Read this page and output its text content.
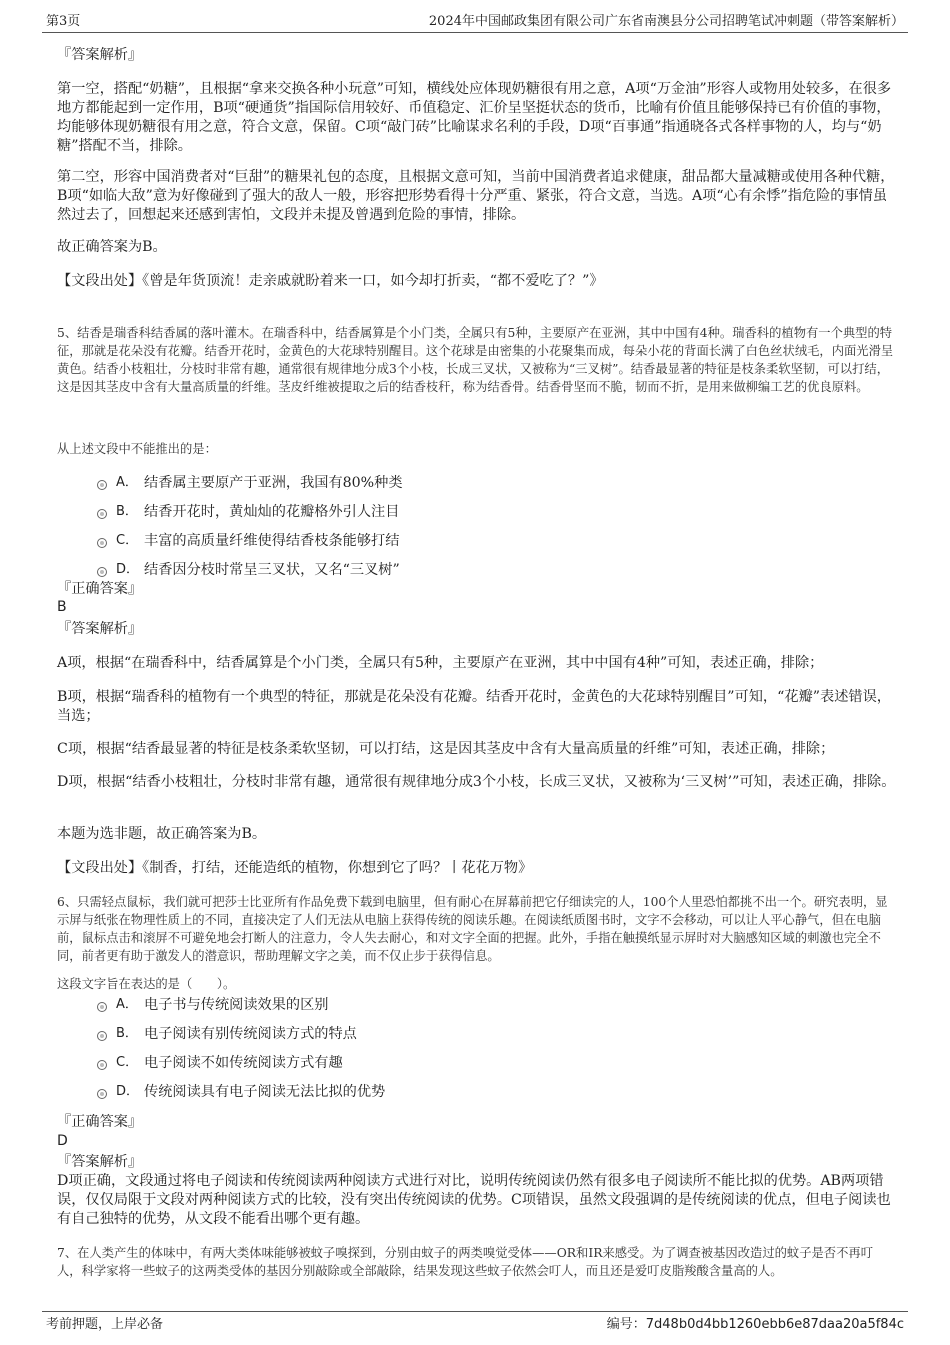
第3页	2024年中国邮政集团有限公司广东省南澳县分公司招聘笔试冲刺题（带答案解析）

『答案解析』

第一空，搭配“奶糖”，且根据“拿来交换各种小玩意”可知，横线处应体现奶糖很有用之意，A项“万金油”形容人或物用处较多，在很多地方都能起到一定作用，B项“硬通货”指国际信用较好、币值稳定、汇价呈坚挺状态的货币，比喻有价值且能够保持已有价值的事物，均能够体现奶糖很有用之意，符合文意，保留。C项“敲门砖”比喻谋求名利的手段，D项“百事通”指通晓各式各样事物的人，均与“奶糖”搭配不当，排除。

第二空，形容中国消费者对“巨甜”的糖果礼包的态度，且根据文意可知，当前中国消费者追求健康，甜品都大量减糖或使用各种代糖，B项“如临大敌”意为好像碰到了强大的敌人一般，形容把形势看得十分严重、紧张，符合文意，当选。A项“心有余悸”指危险的事情虽然过去了，回想起来还感到害怕，文段并未提及曾遇到危险的事情，排除。

故正确答案为B。

【文段出处】《曾是年货顶流！走亲戚就盼着来一口，如今却打折卖，“都不爱吃了？”》

5、结香是瑞香科结香属的落叶灌木。在瑞香科中，结香属算是个小门类，全属只有5种，主要原产在亚洲，其中中国有4种。瑞香科的植物有一个典型的特征，那就是花朵没有花瓣。结香开花时，金黄色的大花球特别醒目。这个花球是由密集的小花聚集而成，每朵小花的背面长满了白色丝状绒毛，内面光滑呈黄色。结香小枝粗壮，分枝时非常有趣，通常很有规律地分成3个小枝，长成三叉状，又被称为“三叉树”。结香最显著的特征是枝条柔软坚韧，可以打结，这是因其茎皮中含有大量高质量的纤维。茎皮纤维被提取之后的结香枝秆，称为结香骨。结香骨坚而不脆，韧而不折，是用来做柳编工艺的优良原料。

从上述文段中不能推出的是：

A． 结香属主要原产于亚洲，我国有80%种类
B． 结香开花时，黄灿灿的花瓣格外引人注目
C． 丰富的高质量纤维使得结香枝条能够打结
D． 结香因分枝时常呈三叉状，又名“三叉树”

『正确答案』

B

『答案解析』

A项，根据“在瑞香科中，结香属算是个小门类，全属只有5种，主要原产在亚洲，其中中国有4种”可知，表述正确，排除；

B项，根据“瑞香科的植物有一个典型的特征，那就是花朵没有花瓣。结香开花时，金黄色的大花球特别醒目”可知，“花瓣”表述错误，当选；

C项，根据“结香最显著的特征是枝条柔软坚韧，可以打结，这是因其茎皮中含有大量高质量的纤维”可知，表述正确，排除；

D项，根据“结香小枝粗壮，分枝时非常有趣，通常很有规律地分成3个小枝，长成三叉状，又被称为‘三叉树’”可知，表述正确，排除。

本题为选非题，故正确答案为B。

【文段出处】《制香，打结，还能造纸的植物，你想到它了吗？丨花花万物》

6、只需轻点鼠标，我们就可把莎士比亚所有作品免费下载到电脑里，但有耐心在屏幕前把它仔细读完的人，100个人里恐怕都挑不出一个。研究表明，显示屏与纸张在物理性质上的不同，直接决定了人们无法从电脑上获得传统的阅读乐趣。在阅读纸质图书时，文字不会移动，可以让人平心静气，但在电脑前，鼠标点击和滚屏不可避免地会打断人的注意力，令人失去耐心，和对文字全面的把握。此外，手指在触摸纸显示屏时对大脑感知区域的刺激也完全不同，前者更有助于激发人的潜意识，帮助理解文字之美，而不仅止步于获得信息。

这段文字旨在表达的是（　　）。

A． 电子书与传统阅读效果的区别
B． 电子阅读有别传统阅读方式的特点
C． 电子阅读不如传统阅读方式有趣
D． 传统阅读具有电子阅读无法比拟的优势

『正确答案』

D

『答案解析』

D项正确，文段通过将电子阅读和传统阅读两种阅读方式进行对比，说明传统阅读仍然有很多电子阅读所不能比拟的优势。AB两项错误，仅仅局限于文段对两种阅读方式的比较，没有突出传统阅读的优势。C项错误，虽然文段强调的是传统阅读的优点，但电子阅读也有自己独特的优势，从文段不能看出哪个更有趣。

7、在人类产生的体味中，有两大类体味能够被蚊子嗅探到，分别由蚊子的两类嗅觉受体——OR和IR来感受。为了调查被基因改造过的蚊子是否不再叮人，科学家将一些蚊子的这两类受体的基因分别敲除或全部敲除，结果发现这些蚊子依然会叮人，而且还是爱叮皮脂羧酸含量高的人。

考前押题，上岸必备	编号：7d48b0d4bb1260ebb6e87daa20a5f84c
